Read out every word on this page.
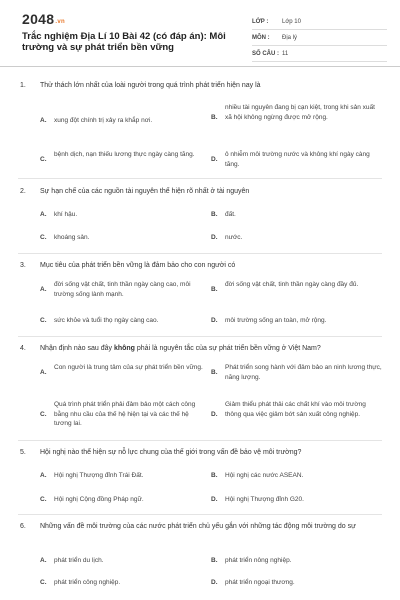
2048.vn
Trắc nghiệm Địa Lí 10 Bài 42 (có đáp án): Môi trường và sự phát triển bền vững
LỚP :	Lớp 10
MÔN :	Địa lý
SỐ CÂU : 11
1. Thử thách lớn nhất của loài người trong quá trình phát triển hiện nay là
A.	xung đột chính trị xảy ra khắp nơi.	B.
nhiều tài nguyên đang bị cạn kiệt, trong khi sản xuất xã hội không ngừng được mở rộng.
C.
bệnh dịch, nạn thiếu lương thực ngày càng tăng.
D.
ô nhiễm môi trường nước và không khí ngày càng tăng.
2. Sự hạn chế của các nguồn tài nguyên thể hiện rõ nhất ở tài nguyên
A.	khí hậu.	B.	đất.
C.	khoáng sản.	D.	nước.
3. Mục tiêu của phát triển bền vững là đảm bảo cho con người có
A.
đời sống vật chất, tinh thần ngày càng cao, môi trường sống lành mạnh.
B.
đời sống vật chất, tinh thần ngày càng đầy đủ.
C.	sức khỏe và tuổi thọ ngày càng cao.	D.	môi trường sống an toàn, mở rộng.
4. Nhận định nào sau đây không phải là nguyên tắc của sự phát triển bền vững ở Việt Nam?
A.
Con người là trung tâm của sự phát triển bền vững.
B.
Phát triển song hành với đảm bảo an ninh lương thực, năng lượng.
C.
Quá trình phát triển phải đảm bảo một cách công bằng nhu cầu của thế hệ hiện tại và các thế hệ tương lai.
D.
Giảm thiểu phát thải các chất khí vào môi trường thông qua việc giảm bớt sản xuất công nghiệp.
5. Hội nghị nào thể hiện sự nỗ lực chung của thế giới trong vấn đề bảo vệ môi trường?
A.	Hội nghị Thượng đỉnh Trái Đất.	B.	Hội nghị các nước ASEAN.
C.	Hội nghị Cộng đồng Pháp ngữ.	D.	Hội nghị Thượng đỉnh G20.
6.	Những vấn đề môi trường của các nước phát triển chủ yếu gắn với những tác động môi trường do sự
A.	phát triển du lịch.	B.	phát triển nông nghiệp.
C.	phát triển công nghiệp.	D.	phát triển ngoại thương.
